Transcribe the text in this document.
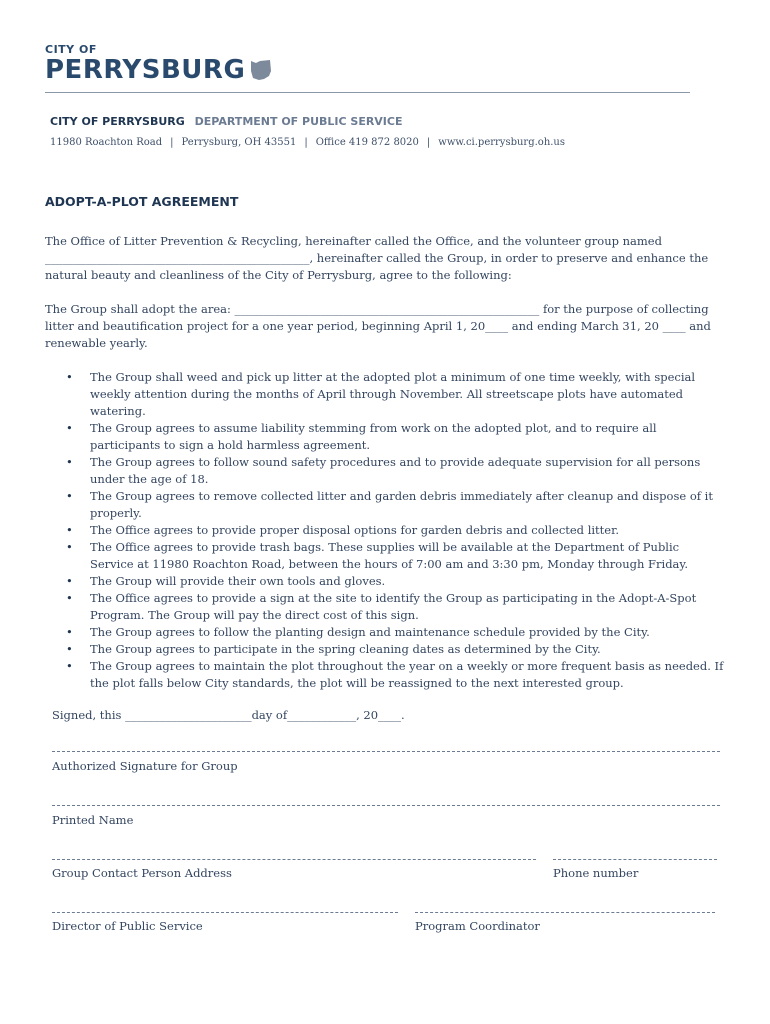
CITY OF
PERRYSBURG
CITY OF PERRYSBURG DEPARTMENT OF PUBLIC SERVICE
11980 Roachton Road | Perrysburg, OH 43551 | Office 419 872 8020 | www.ci.perrysburg.oh.us
ADOPT-A-PLOT AGREEMENT
The Office of Litter Prevention & Recycling, hereinafter called the Office, and the volunteer group named ______________________________________________, hereinafter called the Group, in order to preserve and enhance the natural beauty and cleanliness of the City of Perrysburg, agree to the following:
The Group shall adopt the area: _____________________________________________________ for the purpose of collecting litter and beautification project for a one year period, beginning April 1, 20____ and ending March 31, 20 ____ and renewable yearly.
• The Group shall weed and pick up litter at the adopted plot a minimum of one time weekly, with special weekly attention during the months of April through November. All streetscape plots have automated watering.
• The Group agrees to assume liability stemming from work on the adopted plot, and to require all participants to sign a hold harmless agreement.
• The Group agrees to follow sound safety procedures and to provide adequate supervision for all persons under the age of 18.
• The Group agrees to remove collected litter and garden debris immediately after cleanup and dispose of it properly.
• The Office agrees to provide proper disposal options for garden debris and collected litter.
• The Office agrees to provide trash bags. These supplies will be available at the Department of Public Service at 11980 Roachton Road, between the hours of 7:00 am and 3:30 pm, Monday through Friday.
• The Group will provide their own tools and gloves.
• The Office agrees to provide a sign at the site to identify the Group as participating in the Adopt-A-Spot Program. The Group will pay the direct cost of this sign.
• The Group agrees to follow the planting design and maintenance schedule provided by the City.
• The Group agrees to participate in the spring cleaning dates as determined by the City.
• The Group agrees to maintain the plot throughout the year on a weekly or more frequent basis as needed. If the plot falls below City standards, the plot will be reassigned to the next interested group.
Signed, this ______________________day of____________, 20____.
Authorized Signature for Group
Printed Name
Group Contact Person Address	Phone number
Director of Public Service	Program Coordinator
